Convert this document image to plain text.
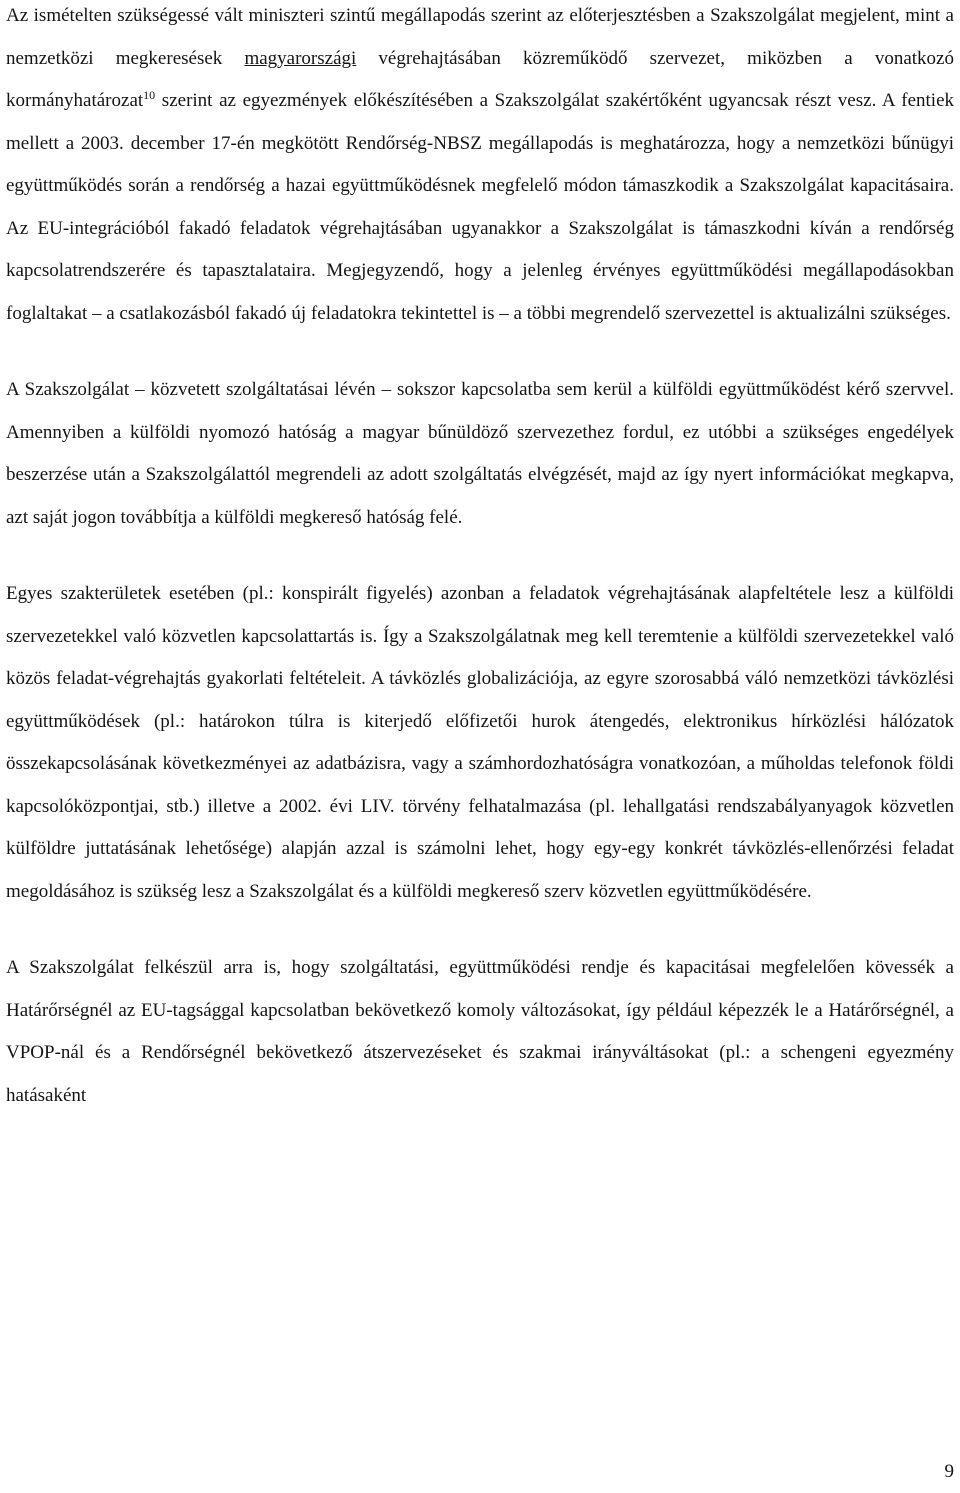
Az ismételten szükségessé vált miniszteri szintű megállapodás szerint az előterjesztésben a Szakszolgálat megjelent, mint a nemzetközi megkeresések magyarországi végrehajtásában közreműködő szervezet, miközben a vonatkozó kormányhatározat$^{10}$ szerint az egyezmények előkészítésében a Szakszolgálat szakértőként ugyancsak részt vesz. A fentiek mellett a 2003. december 17-én megkötött Rendőrség-NBSZ megállapodás is meghatározza, hogy a nemzetközi bűnügyi együttműködés során a rendőrség a hazai együttműködésnek megfelelő módon támaszkodik a Szakszolgálat kapacitásaira. Az EU-integrációból fakadó feladatok végrehajtásában ugyanakkor a Szakszolgálat is támaszkodni kíván a rendőrség kapcsolatrendszerére és tapasztalataira. Megjegyzendő, hogy a jelenleg érvényes együttműködési megállapodásokban foglaltakat – a csatlakozásból fakadó új feladatokra tekintettel is – a többi megrendelő szervezettel is aktualizálni szükséges.

A Szakszolgálat – közvetett szolgáltatásai lévén – sokszor kapcsolatba sem kerül a külföldi együttműködést kérő szervvel. Amennyiben a külföldi nyomozó hatóság a magyar bűnüldöző szervezethez fordul, ez utóbbi a szükséges engedélyek beszerzése után a Szakszolgálattól megrendeli az adott szolgáltatás elvégzését, majd az így nyert információkat megkapva, azt saját jogon továbbítja a külföldi megkereső hatóság felé.

Egyes szakterületek esetében (pl.: konspirált figyelés) azonban a feladatok végrehajtásának alapfeltétele lesz a külföldi szervezetekkel való közvetlen kapcsolattartás is. Így a Szakszolgálatnak meg kell teremtenie a külföldi szervezetekkel való közös feladat-végrehajtás gyakorlati feltételeit. A távközlés globalizációja, az egyre szorosabbá váló nemzetközi távközlési együttműködések (pl.: határokon túlra is kiterjedő előfizetői hurok átengedés, elektronikus hírközlési hálózatok összekapcsolásának következményei az adatbázisra, vagy a számhordozhatóságra vonatkozóan, a műholdas telefonok földi kapcsolóközpontjai, stb.) illetve a 2002. évi LIV. törvény felhatalmazása (pl. lehallgatási rendszabályanyagok közvetlen külföldre juttatásának lehetősége) alapján azzal is számolni lehet, hogy egy-egy konkrét távközlés-ellenőrzési feladat megoldásához is szükség lesz a Szakszolgálat és a külföldi megkereső szerv közvetlen együttműködésére.

A Szakszolgálat felkészül arra is, hogy szolgáltatási, együttműködési rendje és kapacitásai megfelelően kövessék a Határőrségnél az EU-tagsággal kapcsolatban bekövetkező komoly változásokat, így például képezzék le a Határőrségnél, a VPOP-nál és a Rendőrségnél bekövetkező átszervezéseket és szakmai irányváltásokat (pl.: a schengeni egyezmény hatásaként

9
